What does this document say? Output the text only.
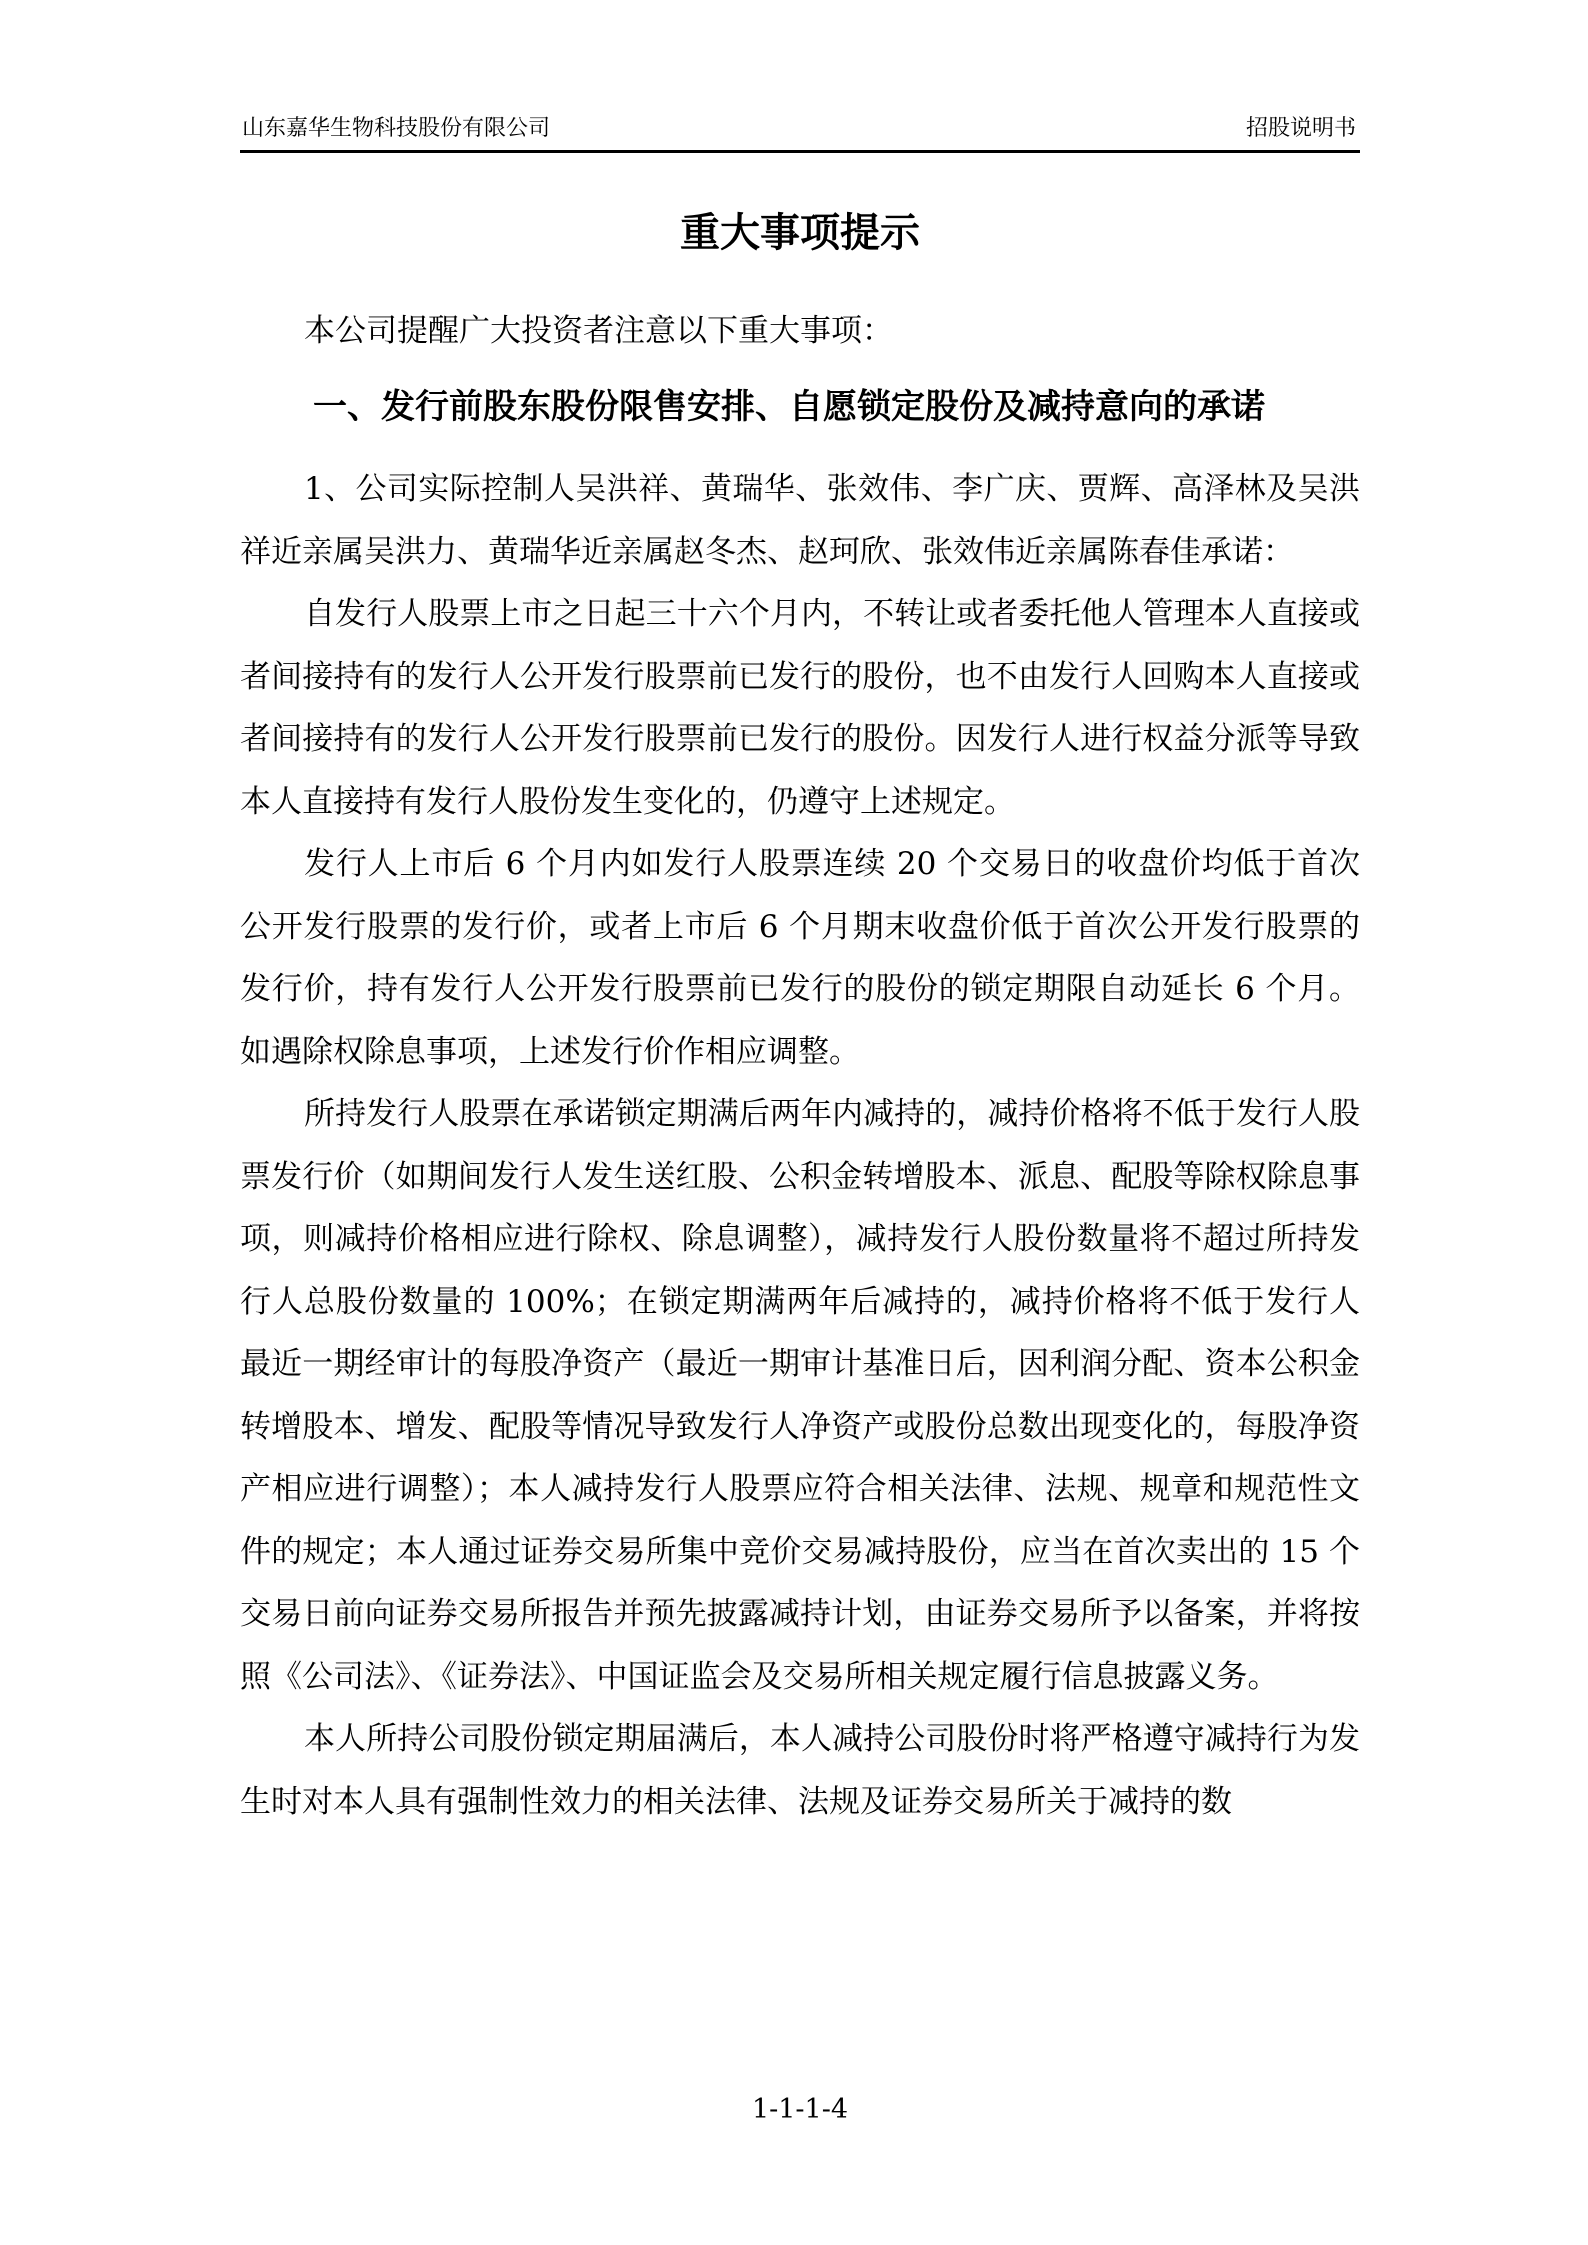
山东嘉华生物科技股份有限公司	招股说明书
重大事项提示

本公司提醒广大投资者注意以下重大事项：

一、发行前股东股份限售安排、自愿锁定股份及减持意向的承诺

1、公司实际控制人吴洪祥、黄瑞华、张效伟、李广庆、贾辉、高泽林及吴洪祥近亲属吴洪力、黄瑞华近亲属赵冬杰、赵珂欣、张效伟近亲属陈春佳承诺：

自发行人股票上市之日起三十六个月内，不转让或者委托他人管理本人直接或者间接持有的发行人公开发行股票前已发行的股份，也不由发行人回购本人直接或者间接持有的发行人公开发行股票前已发行的股份。因发行人进行权益分派等导致本人直接持有发行人股份发生变化的，仍遵守上述规定。

发行人上市后 6 个月内如发行人股票连续 20 个交易日的收盘价均低于首次公开发行股票的发行价，或者上市后 6 个月期末收盘价低于首次公开发行股票的发行价，持有发行人公开发行股票前已发行的股份的锁定期限自动延长 6 个月。如遇除权除息事项，上述发行价作相应调整。

所持发行人股票在承诺锁定期满后两年内减持的，减持价格将不低于发行人股票发行价（如期间发行人发生送红股、公积金转增股本、派息、配股等除权除息事项，则减持价格相应进行除权、除息调整），减持发行人股份数量将不超过所持发行人总股份数量的 100%；在锁定期满两年后减持的，减持价格将不低于发行人最近一期经审计的每股净资产（最近一期审计基准日后，因利润分配、资本公积金转增股本、增发、配股等情况导致发行人净资产或股份总数出现变化的，每股净资产相应进行调整）；本人减持发行人股票应符合相关法律、法规、规章和规范性文件的规定；本人通过证券交易所集中竞价交易减持股份，应当在首次卖出的 15 个交易日前向证券交易所报告并预先披露减持计划，由证券交易所予以备案，并将按照《公司法》、《证券法》、中国证监会及交易所相关规定履行信息披露义务。

本人所持公司股份锁定期届满后，本人减持公司股份时将严格遵守减持行为发生时对本人具有强制性效力的相关法律、法规及证券交易所关于减持的数

1-1-1-4
